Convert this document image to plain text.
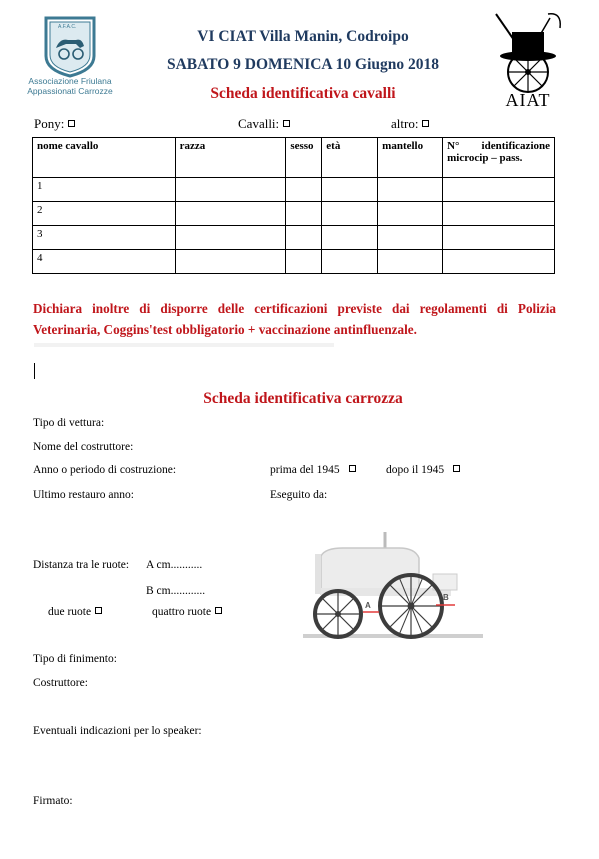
A.F.A.C.
Associazione Friulana
Appassionati Carrozze
VI CIAT Villa Manin, Codroipo
SABATO 9 DOMENICA 10 Giugno 2018
Scheda identificativa cavalli	AIAT
Pony:	Cavalli:	altro:
nome cavallo	razza	sesso	età	mantello	N° identificazione microcip – pass.
1					
2					
3					
4					
Dichiara inoltre di disporre delle certificazioni previste dai regolamenti di Polizia Veterinaria, Coggins'test obbligatorio + vaccinazione antinfluenzale.
Scheda identificativa carrozza
Tipo di vettura:
Nome del costruttore:
Anno o periodo di costruzione:	prima del 1945	dopo il 1945
Ultimo restauro anno:	Eseguito da:
Distanza tra le ruote: A cm...........
B cm............
due ruote	quattro ruote
A
B
Tipo di finimento:
Costruttore:
Eventuali indicazioni per lo speaker:
Firmato:
